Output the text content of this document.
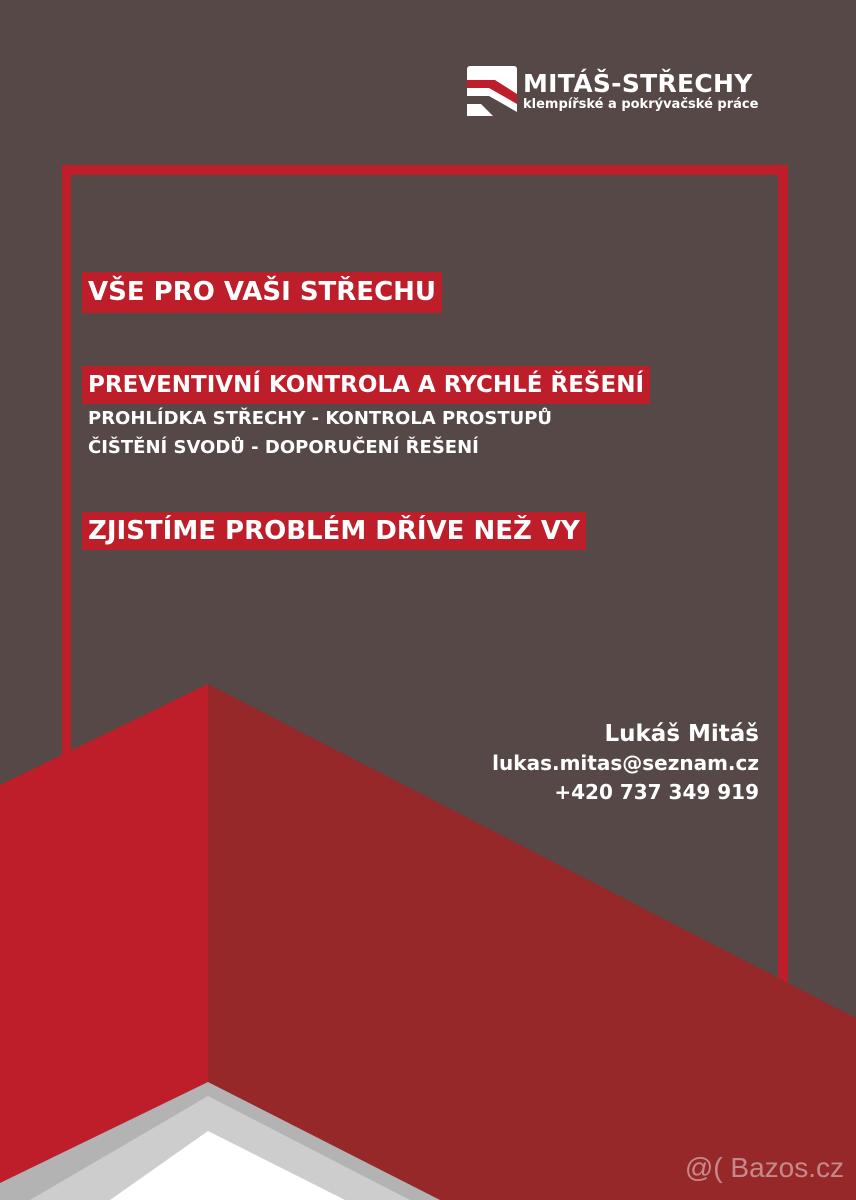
MITÁŠ-STŘECHY
klempířské a pokrývačské práce
VŠE PRO VAŠI STŘECHU
PREVENTIVNÍ KONTROLA A RYCHLÉ ŘEŠENÍ
PROHLÍDKA STŘECHY - KONTROLA PROSTUPŮ
ČIŠTĚNÍ SVODŮ - DOPORUČENÍ ŘEŠENÍ
ZJISTÍME PROBLÉM DŘÍVE NEŽ VY
Lukáš Mitáš
lukas.mitas@seznam.cz
+420 737 349 919
@( Bazos.cz
